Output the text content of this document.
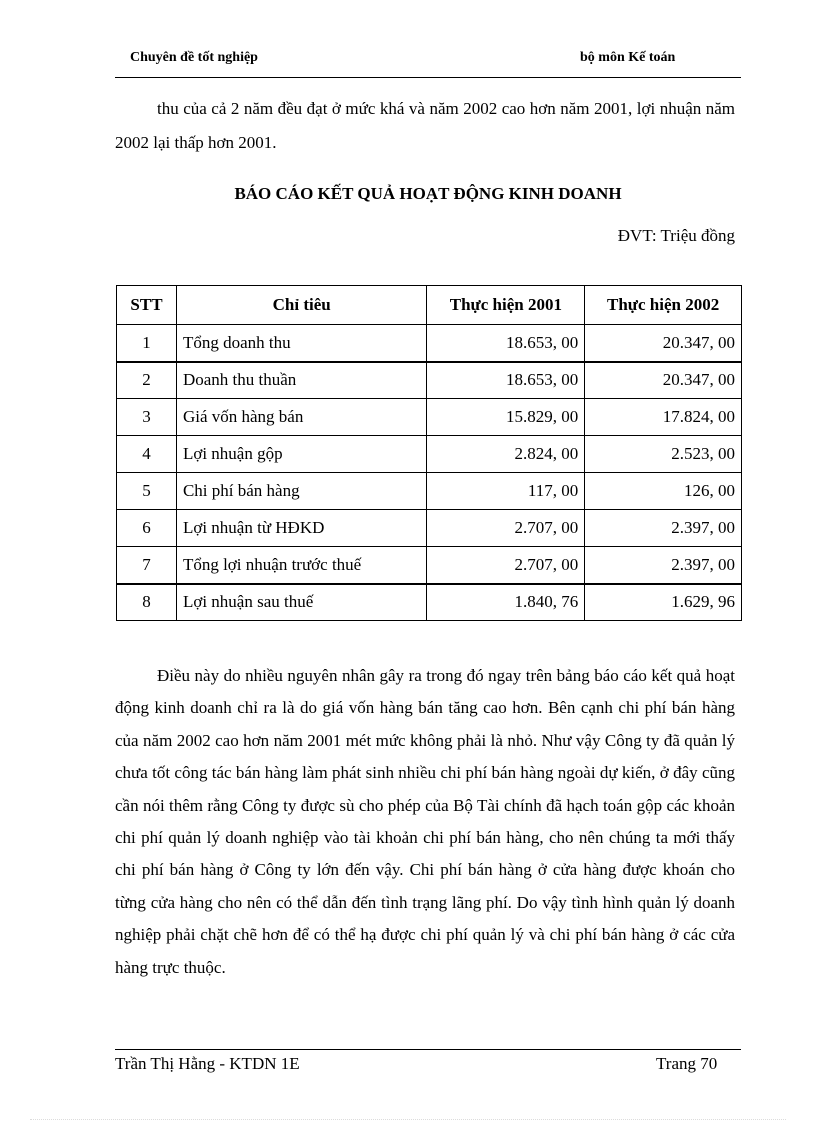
Chuyên đề tốt nghiệp	bộ môn Kế toán

thu của cả 2 năm đều đạt ở mức khá và năm 2002 cao hơn năm 2001, lợi nhuận năm 2002 lại thấp hơn 2001.

BÁO CÁO KẾT QUẢ HOẠT ĐỘNG KINH DOANH
ĐVT: Triệu đồng
STT	Chỉ tiêu	Thực hiện 2001	Thực hiện 2002
1	Tổng doanh thu	18.653, 00	20.347, 00
2	Doanh thu thuần	18.653, 00	20.347, 00
3	Giá vốn hàng bán	15.829, 00	17.824, 00
4	Lợi nhuận gộp	2.824, 00	2.523, 00
5	Chi phí bán hàng	117, 00	126, 00
6	Lợi nhuận từ HĐKD	2.707, 00	2.397, 00
7	Tổng lợi nhuận trước thuế	2.707, 00	2.397, 00
8	Lợi nhuận sau thuế	1.840, 76	1.629, 96

Điều này do nhiều nguyên nhân gây ra trong đó ngay trên bảng báo cáo kết quả hoạt động kinh doanh chỉ ra là do giá vốn hàng bán tăng cao hơn. Bên cạnh chi phí bán hàng của năm 2002 cao hơn năm 2001 mét mức không phải là nhỏ. Như vậy Công ty đã quản lý chưa tốt công tác bán hàng làm phát sinh nhiều chi phí bán hàng ngoài dự kiến, ở đây cũng cần nói thêm rằng Công ty được sù cho phép của Bộ Tài chính đã hạch toán gộp các khoản chi phí quản lý doanh nghiệp vào tài khoản chi phí bán hàng, cho nên chúng ta mới thấy chi phí bán hàng ở Công ty lớn đến vậy. Chi phí bán hàng ở cửa hàng được khoán cho từng cửa hàng cho nên có thể dẫn đến tình trạng lãng phí. Do vậy tình hình quản lý doanh nghiệp phải chặt chẽ hơn để có thể hạ được chi phí quản lý và chi phí bán hàng ở các cửa hàng trực thuộc.

Trần Thị Hằng - KTDN 1E	Trang 70
